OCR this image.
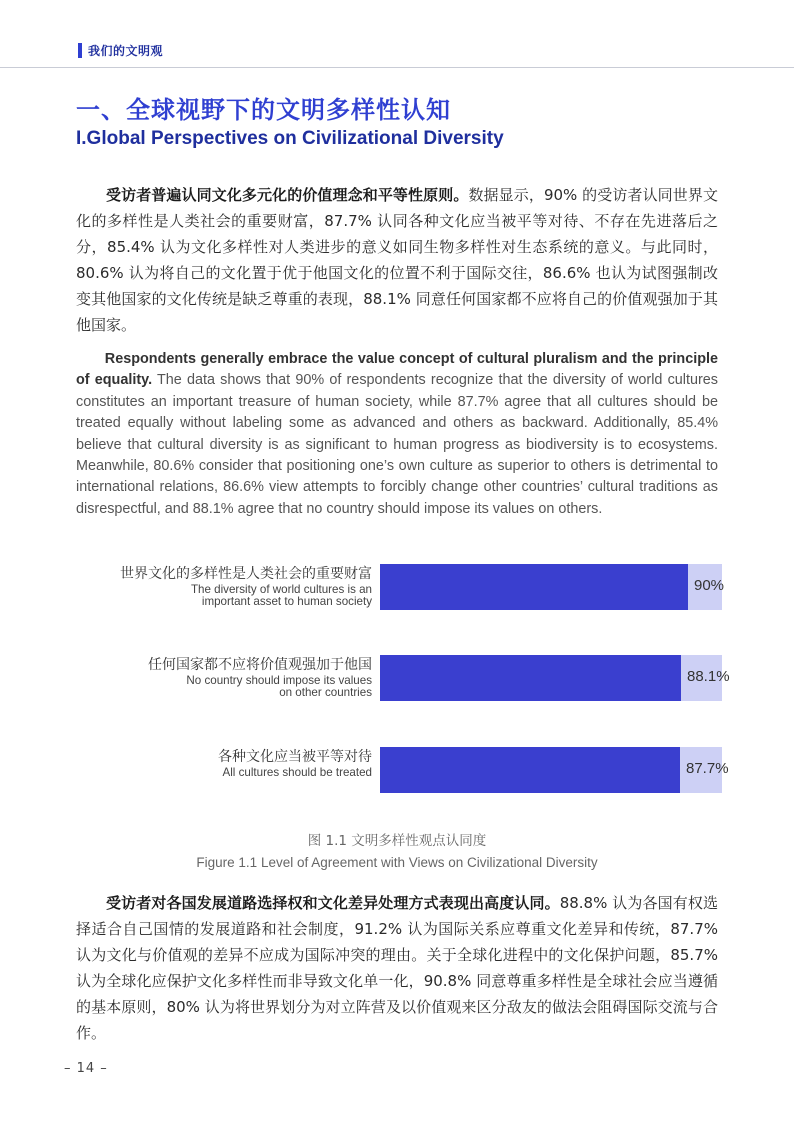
我们的文明观
一、全球视野下的文明多样性认知
I.Global Perspectives on Civilizational Diversity

受访者普遍认同文化多元化的价值理念和平等性原则。数据显示，90% 的受访者认同世界文化的多样性是人类社会的重要财富，87.7% 认同各种文化应当被平等对待、不存在先进落后之分，85.4% 认为文化多样性对人类进步的意义如同生物多样性对生态系统的意义。与此同时，80.6% 认为将自己的文化置于优于他国文化的位置不利于国际交往，86.6% 也认为试图强制改变其他国家的文化传统是缺乏尊重的表现，88.1% 同意任何国家都不应将自己的价值观强加于其他国家。

Respondents generally embrace the value concept of cultural pluralism and the principle of equality. The data shows that 90% of respondents recognize that the diversity of world cultures constitutes an important treasure of human society, while 87.7% agree that all cultures should be treated equally without labeling some as advanced and others as backward. Additionally, 85.4% believe that cultural diversity is as significant to human progress as biodiversity is to ecosystems. Meanwhile, 80.6% consider that positioning one’s own culture as superior to others is detrimental to international relations, 86.6% view attempts to forcibly change other countries’ cultural traditions as disrespectful, and 88.1% agree that no country should impose its values on others.

90%
世界文化的多样性是人类社会的重要财富
The diversity of world cultures is an
important asset to human society
88.1%
任何国家都不应将价值观强加于他国
No country should impose its values
on other countries
87.7%
各种文化应当被平等对待
All cultures should be treated
图 1.1 文明多样性观点认同度
Figure 1.1 Level of Agreement with Views on Civilizational Diversity

受访者对各国发展道路选择权和文化差异处理方式表现出高度认同。88.8% 认为各国有权选择适合自己国情的发展道路和社会制度，91.2% 认为国际关系应尊重文化差异和传统，87.7% 认为文化与价值观的差异不应成为国际冲突的理由。关于全球化进程中的文化保护问题，85.7% 认为全球化应保护文化多样性而非导致文化单一化，90.8% 同意尊重多样性是全球社会应当遵循的基本原则，80% 认为将世界划分为对立阵营及以价值观来区分敌友的做法会阻碍国际交流与合作。

– 14 –
